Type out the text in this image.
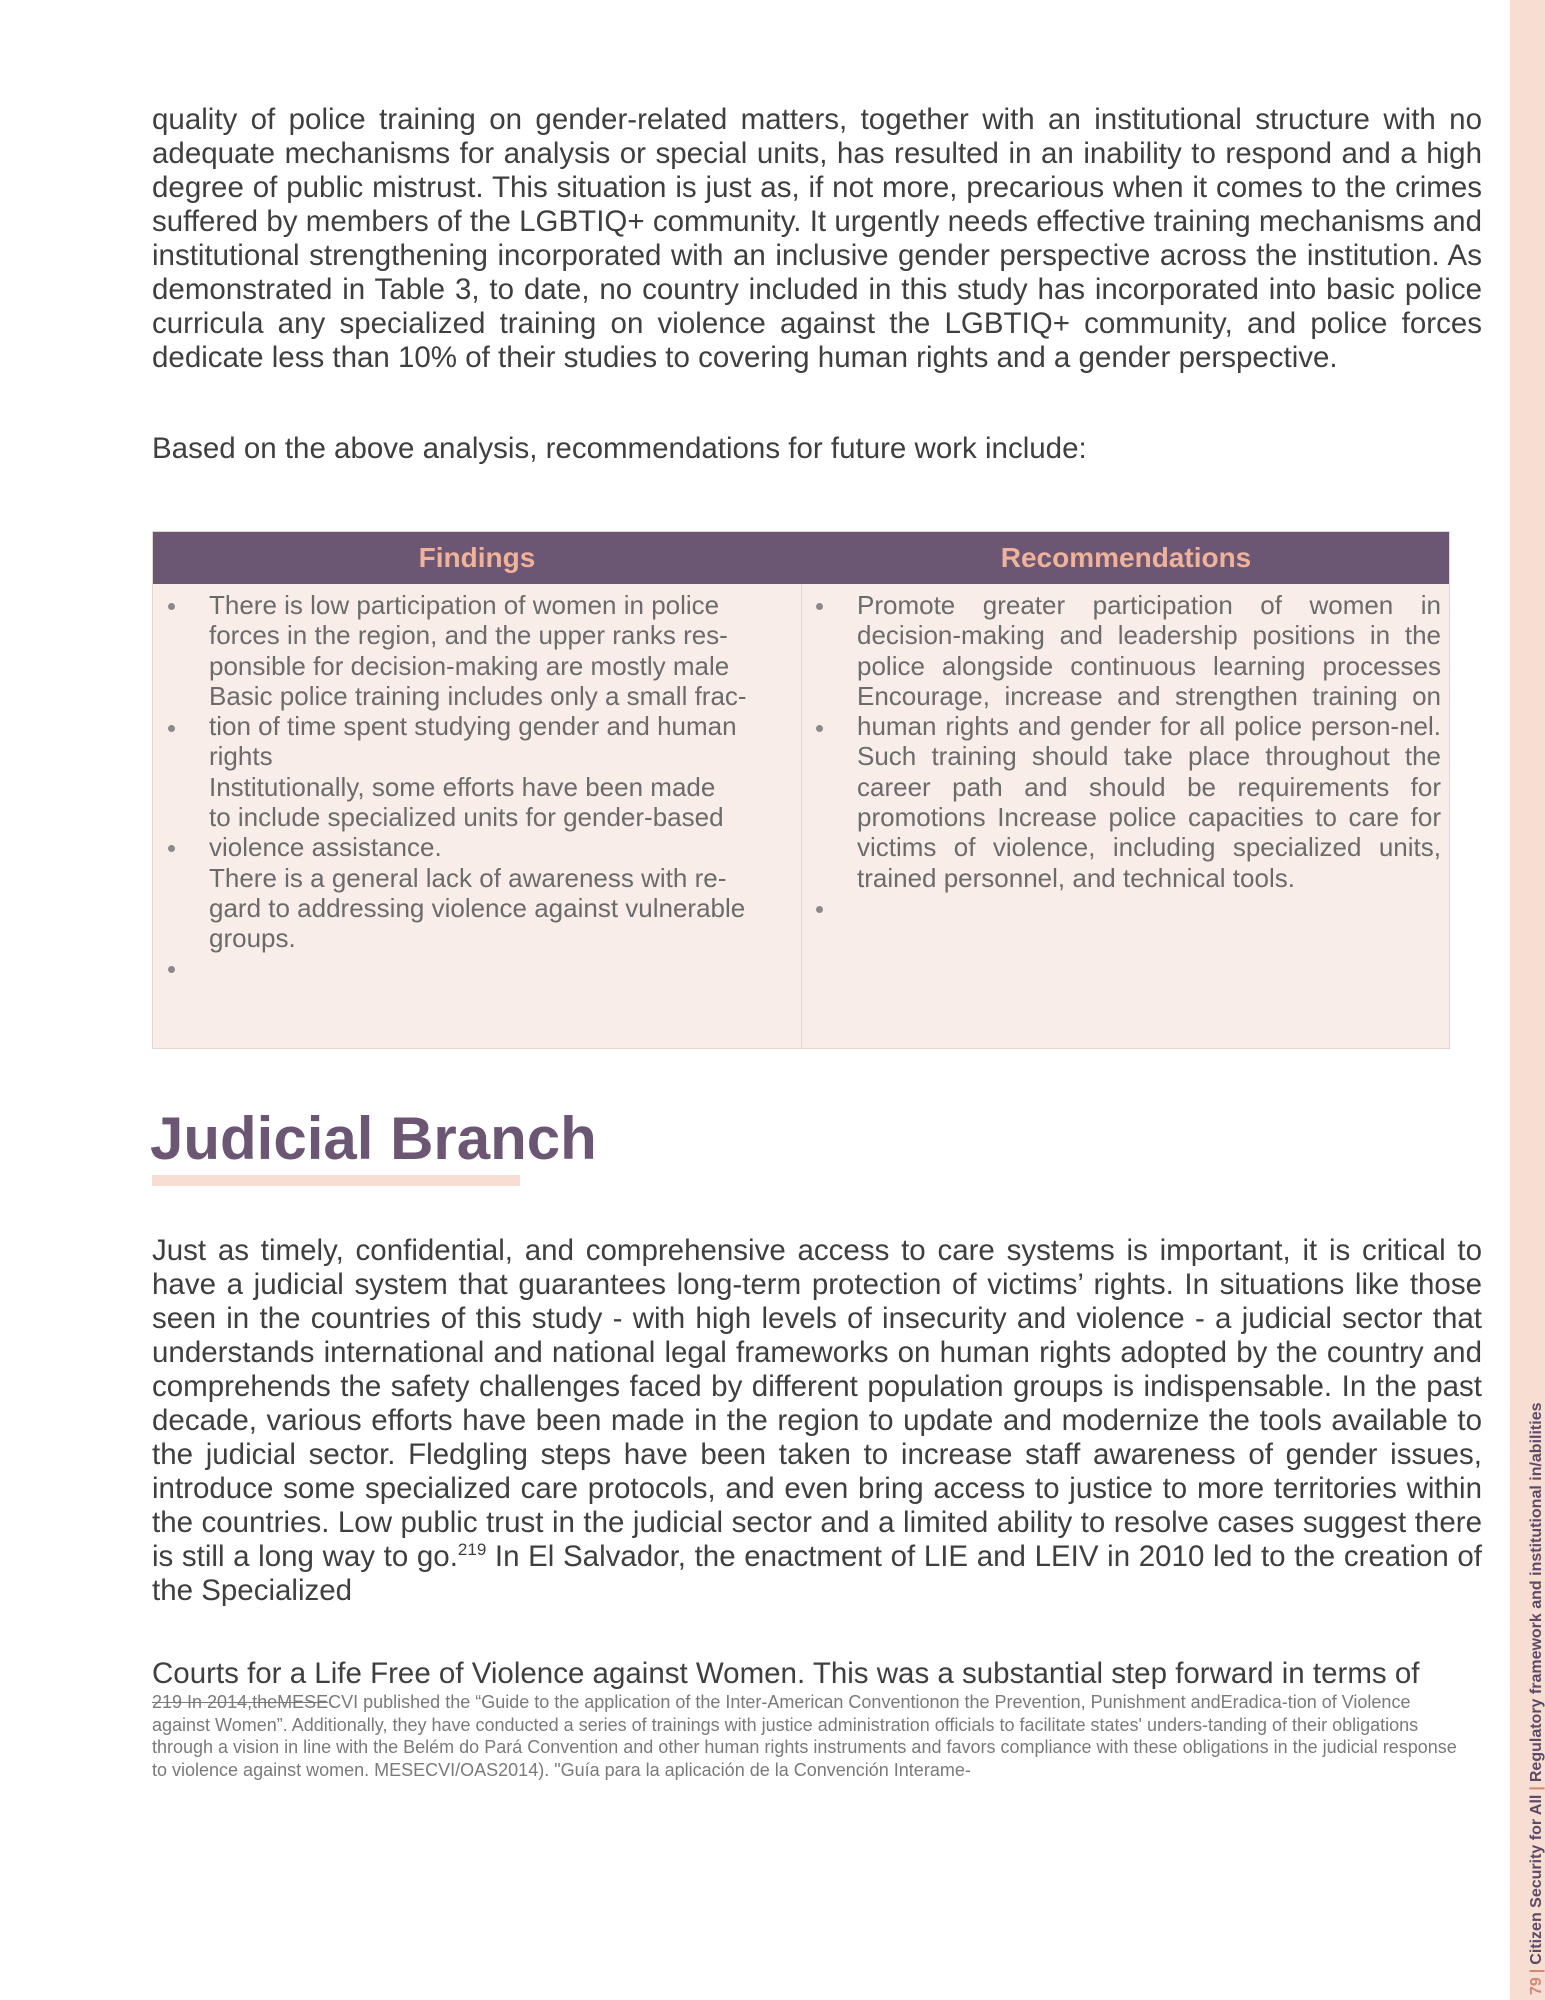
79|Citizen Security for All|Regulatory framework and institutional in/abilities

quality of police training on gender-related matters, together with an institutional structure with no adequate mechanisms for analysis or special units, has resulted in an inability to respond and a high degree of public mistrust. This situation is just as, if not more, precarious when it comes to the crimes suffered by members of the LGBTIQ+ community. It urgently needs effective training mechanisms and institutional strengthening incorporated with an inclusive gender perspective across the institution. As demonstrated in Table 3, to date, no country included in this study has incorporated into basic police curricula any specialized training on violence against the LGBTIQ+ community, and police forces dedicate less than 10% of their studies to covering human rights and a gender perspective.

Based on the above analysis, recommendations for future work include:

Findings	Recommendations
There is low participation of women in police
forces in the region, and the upper ranks res-
ponsible for decision-making are mostly male
Basic police training includes only a small frac-
tion of time spent studying gender and human
rights
Institutionally, some efforts have been made
to include specialized units for gender-based
violence assistance.
There is a general lack of awareness with re-
gard to addressing violence against vulnerable
groups.
Promote greater participation of women in decision-making and leadership positions in the police alongside continuous learning processes Encourage, increase and strengthen training on human rights and gender for all police person-nel. Such training should take place throughout the career path and should be requirements for promotions Increase police capacities to care for victims of violence, including specialized units, trained personnel, and technical tools.
Judicial Branch

Just as timely, confidential, and comprehensive access to care systems is important, it is critical to have a judicial system that guarantees long-term protection of victims’ rights. In situations like those seen in the countries of this study - with high levels of insecurity and violence - a judicial sector that understands international and national legal frameworks on human rights adopted by the country and comprehends the safety challenges faced by different population groups is indispensable. In the past decade, various efforts have been made in the region to update and modernize the tools available to the judicial sector. Fledgling steps have been taken to increase staff awareness of gender issues, introduce some specialized care protocols, and even bring access to justice to more territories within the countries. Low public trust in the judicial sector and a limited ability to resolve cases suggest there is still a long way to go.$^{219}$ In El Salvador, the enactment of LIE and LEIV in 2010 led to the creation of the Specialized

Courts for a Life Free of Violence against Women. This was a substantial step forward in terms of

219 In 2014,theMESECVI published the “Guide to the application of the Inter-American Conventionon the Prevention, Punishment andEradica-tion of Violence against Women”. Additionally, they have conducted a series of trainings with justice administration officials to facilitate states' unders-tanding of their obligations through a vision in line with the Belém do Pará Convention and other human rights instruments and favors compliance with these obligations in the judicial response to violence against women. MESECVI/OAS2014). "Guía para la aplicación de la Convención Interame-
